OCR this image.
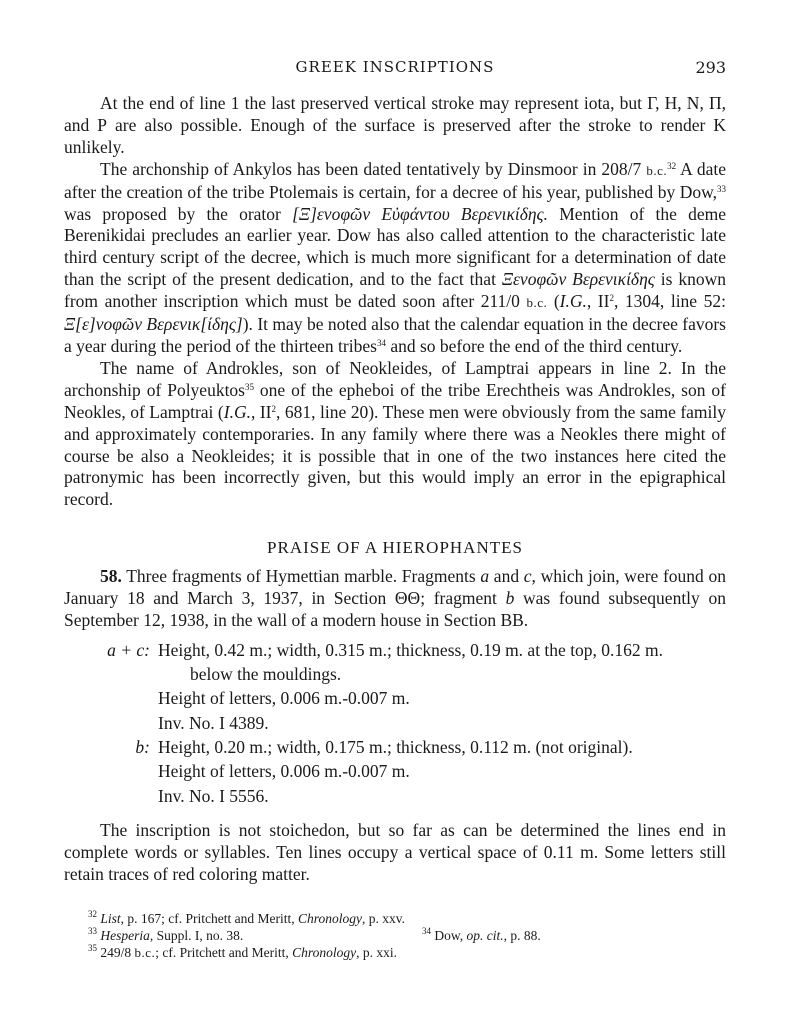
GREEK INSCRIPTIONS	293

At the end of line 1 the last preserved vertical stroke may represent iota, but Γ, Η, Ν, Π, and Ρ are also possible. Enough of the surface is preserved after the stroke to render Κ unlikely.

The archonship of Ankylos has been dated tentatively by Dinsmoor in 208/7 b.c.$^{32}$ A date after the creation of the tribe Ptolemais is certain, for a decree of his year, published by Dow,$^{33}$ was proposed by the orator [Ξ]ενοφῶν Εὐφάντου Βερενικίδης. Mention of the deme Berenikidai precludes an earlier year. Dow has also called attention to the characteristic late third century script of the decree, which is much more significant for a determination of date than the script of the present dedication, and to the fact that Ξενοφῶν Βερενικίδης is known from another inscription which must be dated soon after 211/0 b.c. (I.G., $II^2$, 1304, line 52: Ξ[ε]νοφῶν Βερενικ[ίδης]). It may be noted also that the calendar equation in the decree favors a year during the period of the thirteen tribes$^{34}$ and so before the end of the third century.

The name of Androkles, son of Neokleides, of Lamptrai appears in line 2. In the archonship of Polyeuktos$^{35}$ one of the epheboi of the tribe Erechtheis was Androkles, son of Neokles, of Lamptrai (I.G., $II^2$, 681, line 20). These men were obviously from the same family and approximately contemporaries. In any family where there was a Neokles there might of course be also a Neokleides; it is possible that in one of the two instances here cited the patronymic has been incorrectly given, but this would imply an error in the epigraphical record.

PRAISE OF A HIEROPHANTES

58. Three fragments of Hymettian marble. Fragments a and c, which join, were found on January 18 and March 3, 1937, in Section ΘΘ; fragment b was found subsequently on September 12, 1938, in the wall of a modern house in Section ΒΒ.

a + c: Height, 0.42 m.; width, 0.315 m.; thickness, 0.19 m. at the top, 0.162 m.
below the mouldings.
Height of letters, 0.006 m.-0.007 m.
Inv. No. I 4389.
b: Height, 0.20 m.; width, 0.175 m.; thickness, 0.112 m. (not original).
Height of letters, 0.006 m.-0.007 m.
Inv. No. I 5556.

The inscription is not stoichedon, but so far as can be determined the lines end in complete words or syllables. Ten lines occupy a vertical space of 0.11 m. Some letters still retain traces of red coloring matter.

$^{32}$ List, p. 167; cf. Pritchett and Meritt, Chronology, p. xxv.
$^{33}$ Hesperia, Suppl. I, no. 38.	$^{34}$ Dow, op. cit., p. 88.
$^{35}$ 249/8 b.c.; cf. Pritchett and Meritt, Chronology, p. xxi.
